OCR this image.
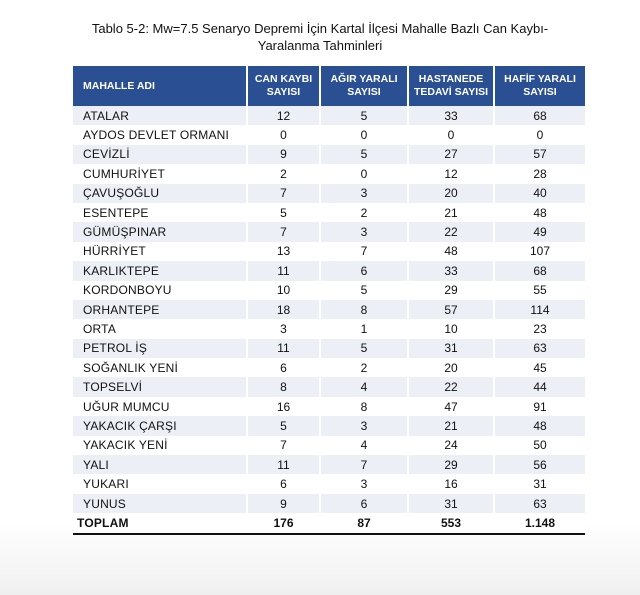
Tablo 5-2: Mw=7.5 Senaryo Depremi İçin Kartal İlçesi Mahalle Bazlı Can Kaybı-
Yaralanma Tahminleri
MAHALLE ADI	CAN KAYBI SAYISI	AĞIR YARALI SAYISI	HASTANEDE TEDAVİ SAYISI	HAFİF YARALI SAYISI
ATALAR	12	5	33	68
AYDOS DEVLET ORMANI	0	0	0	0
CEVİZLİ	9	5	27	57
CUMHURİYET	2	0	12	28
ÇAVUŞOĞLU	7	3	20	40
ESENTEPE	5	2	21	48
GÜMÜŞPINAR	7	3	22	49
HÜRRİYET	13	7	48	107
KARLIKTEPE	11	6	33	68
KORDONBOYU	10	5	29	55
ORHANTEPE	18	8	57	114
ORTA	3	1	10	23
PETROL İŞ	11	5	31	63
SOĞANLIK YENİ	6	2	20	45
TOPSELVİ	8	4	22	44
UĞUR MUMCU	16	8	47	91
YAKACIK ÇARŞI	5	3	21	48
YAKACIK YENİ	7	4	24	50
YALI	11	7	29	56
YUKARI	6	3	16	31
YUNUS	9	6	31	63
TOPLAM	176	87	553	1.148
